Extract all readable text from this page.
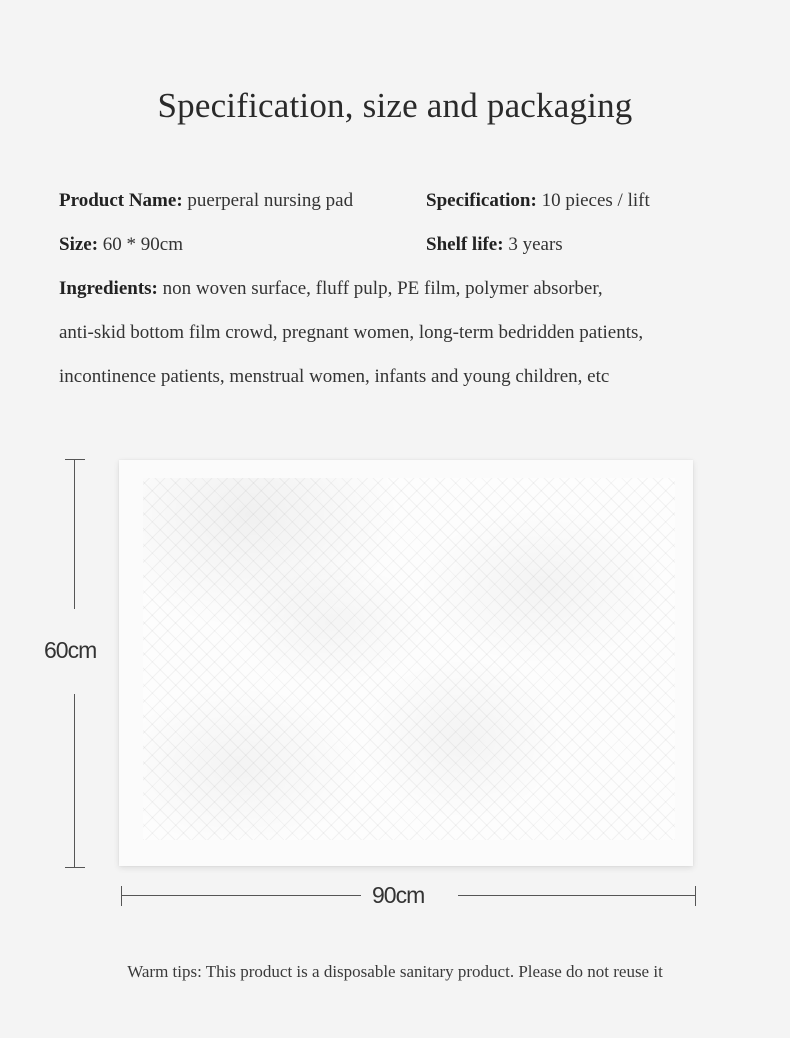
Specification, size and packaging
Product Name: puerperal nursing pad	Specification: 10 pieces / lift
Size: 60 * 90cm	Shelf life: 3 years
Ingredients: non woven surface, fluff pulp, PE film, polymer absorber,
anti-skid bottom film crowd, pregnant women, long-term bedridden patients,
incontinence patients, menstrual women, infants and young children, etc
60cm
90cm
Warm tips: This product is a disposable sanitary product. Please do not reuse it
